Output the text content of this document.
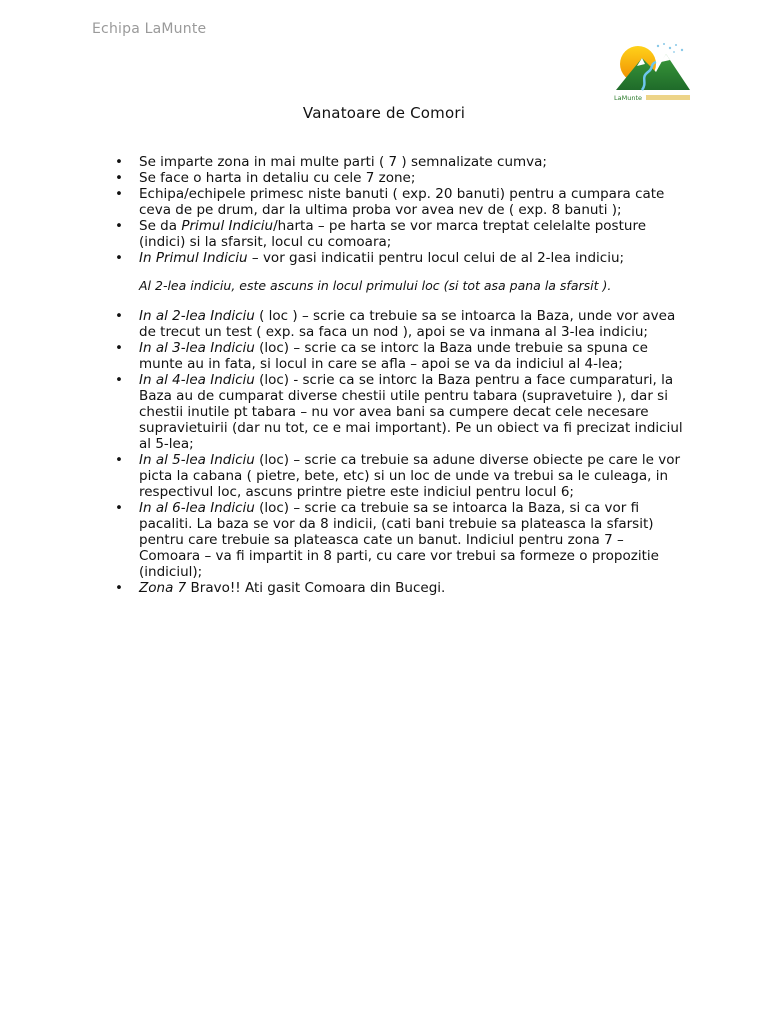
Echipa LaMunte
LaMunte
Vanatoare de Comori
• Se imparte zona in mai multe parti ( 7 ) semnalizate cumva;
• Se face o harta in detaliu cu cele 7 zone;
• Echipa/echipele primesc niste banuti ( exp. 20 banuti) pentru a cumpara cate ceva de pe drum, dar la ultima proba vor avea nev de ( exp. 8 banuti );
• Se da Primul Indiciu/harta – pe harta se vor marca treptat celelalte posture (indici) si la sfarsit, locul cu comoara;
• In Primul Indiciu – vor gasi indicatii pentru locul celui de al 2-lea indiciu;
Al 2-lea indiciu, este ascuns in locul primului loc (si tot asa pana la sfarsit ).
• In al 2-lea Indiciu ( loc ) – scrie ca trebuie sa se intoarca la Baza, unde vor avea de trecut un test ( exp. sa faca un nod ), apoi se va inmana al 3-lea indiciu;
• In al 3-lea Indiciu (loc) – scrie ca se intorc la Baza unde trebuie sa spuna ce munte au in fata, si locul in care se afla – apoi se va da indiciul al 4-lea;
• In al 4-lea Indiciu (loc) - scrie ca se intorc la Baza pentru a face cumparaturi, la Baza au de cumparat diverse chestii utile pentru tabara (supravetuire ), dar si chestii inutile pt tabara – nu vor avea bani sa cumpere decat cele necesare supravietuirii (dar nu tot, ce e mai important). Pe un obiect va fi precizat indiciul al 5-lea;
• In al 5-lea Indiciu (loc) – scrie ca trebuie sa adune diverse obiecte pe care le vor picta la cabana ( pietre, bete, etc) si un loc de unde va trebui sa le culeaga, in respectivul loc, ascuns printre pietre este indiciul pentru locul 6;
• In al 6-lea Indiciu (loc) – scrie ca trebuie sa se intoarca la Baza, si ca vor fi pacaliti. La baza se vor da 8 indicii, (cati bani trebuie sa plateasca la sfarsit) pentru care trebuie sa plateasca cate un banut. Indiciul pentru zona 7 – Comoara – va fi impartit in 8 parti, cu care vor trebui sa formeze o propozitie (indiciul);
• Zona 7 Bravo!! Ati gasit Comoara din Bucegi.
